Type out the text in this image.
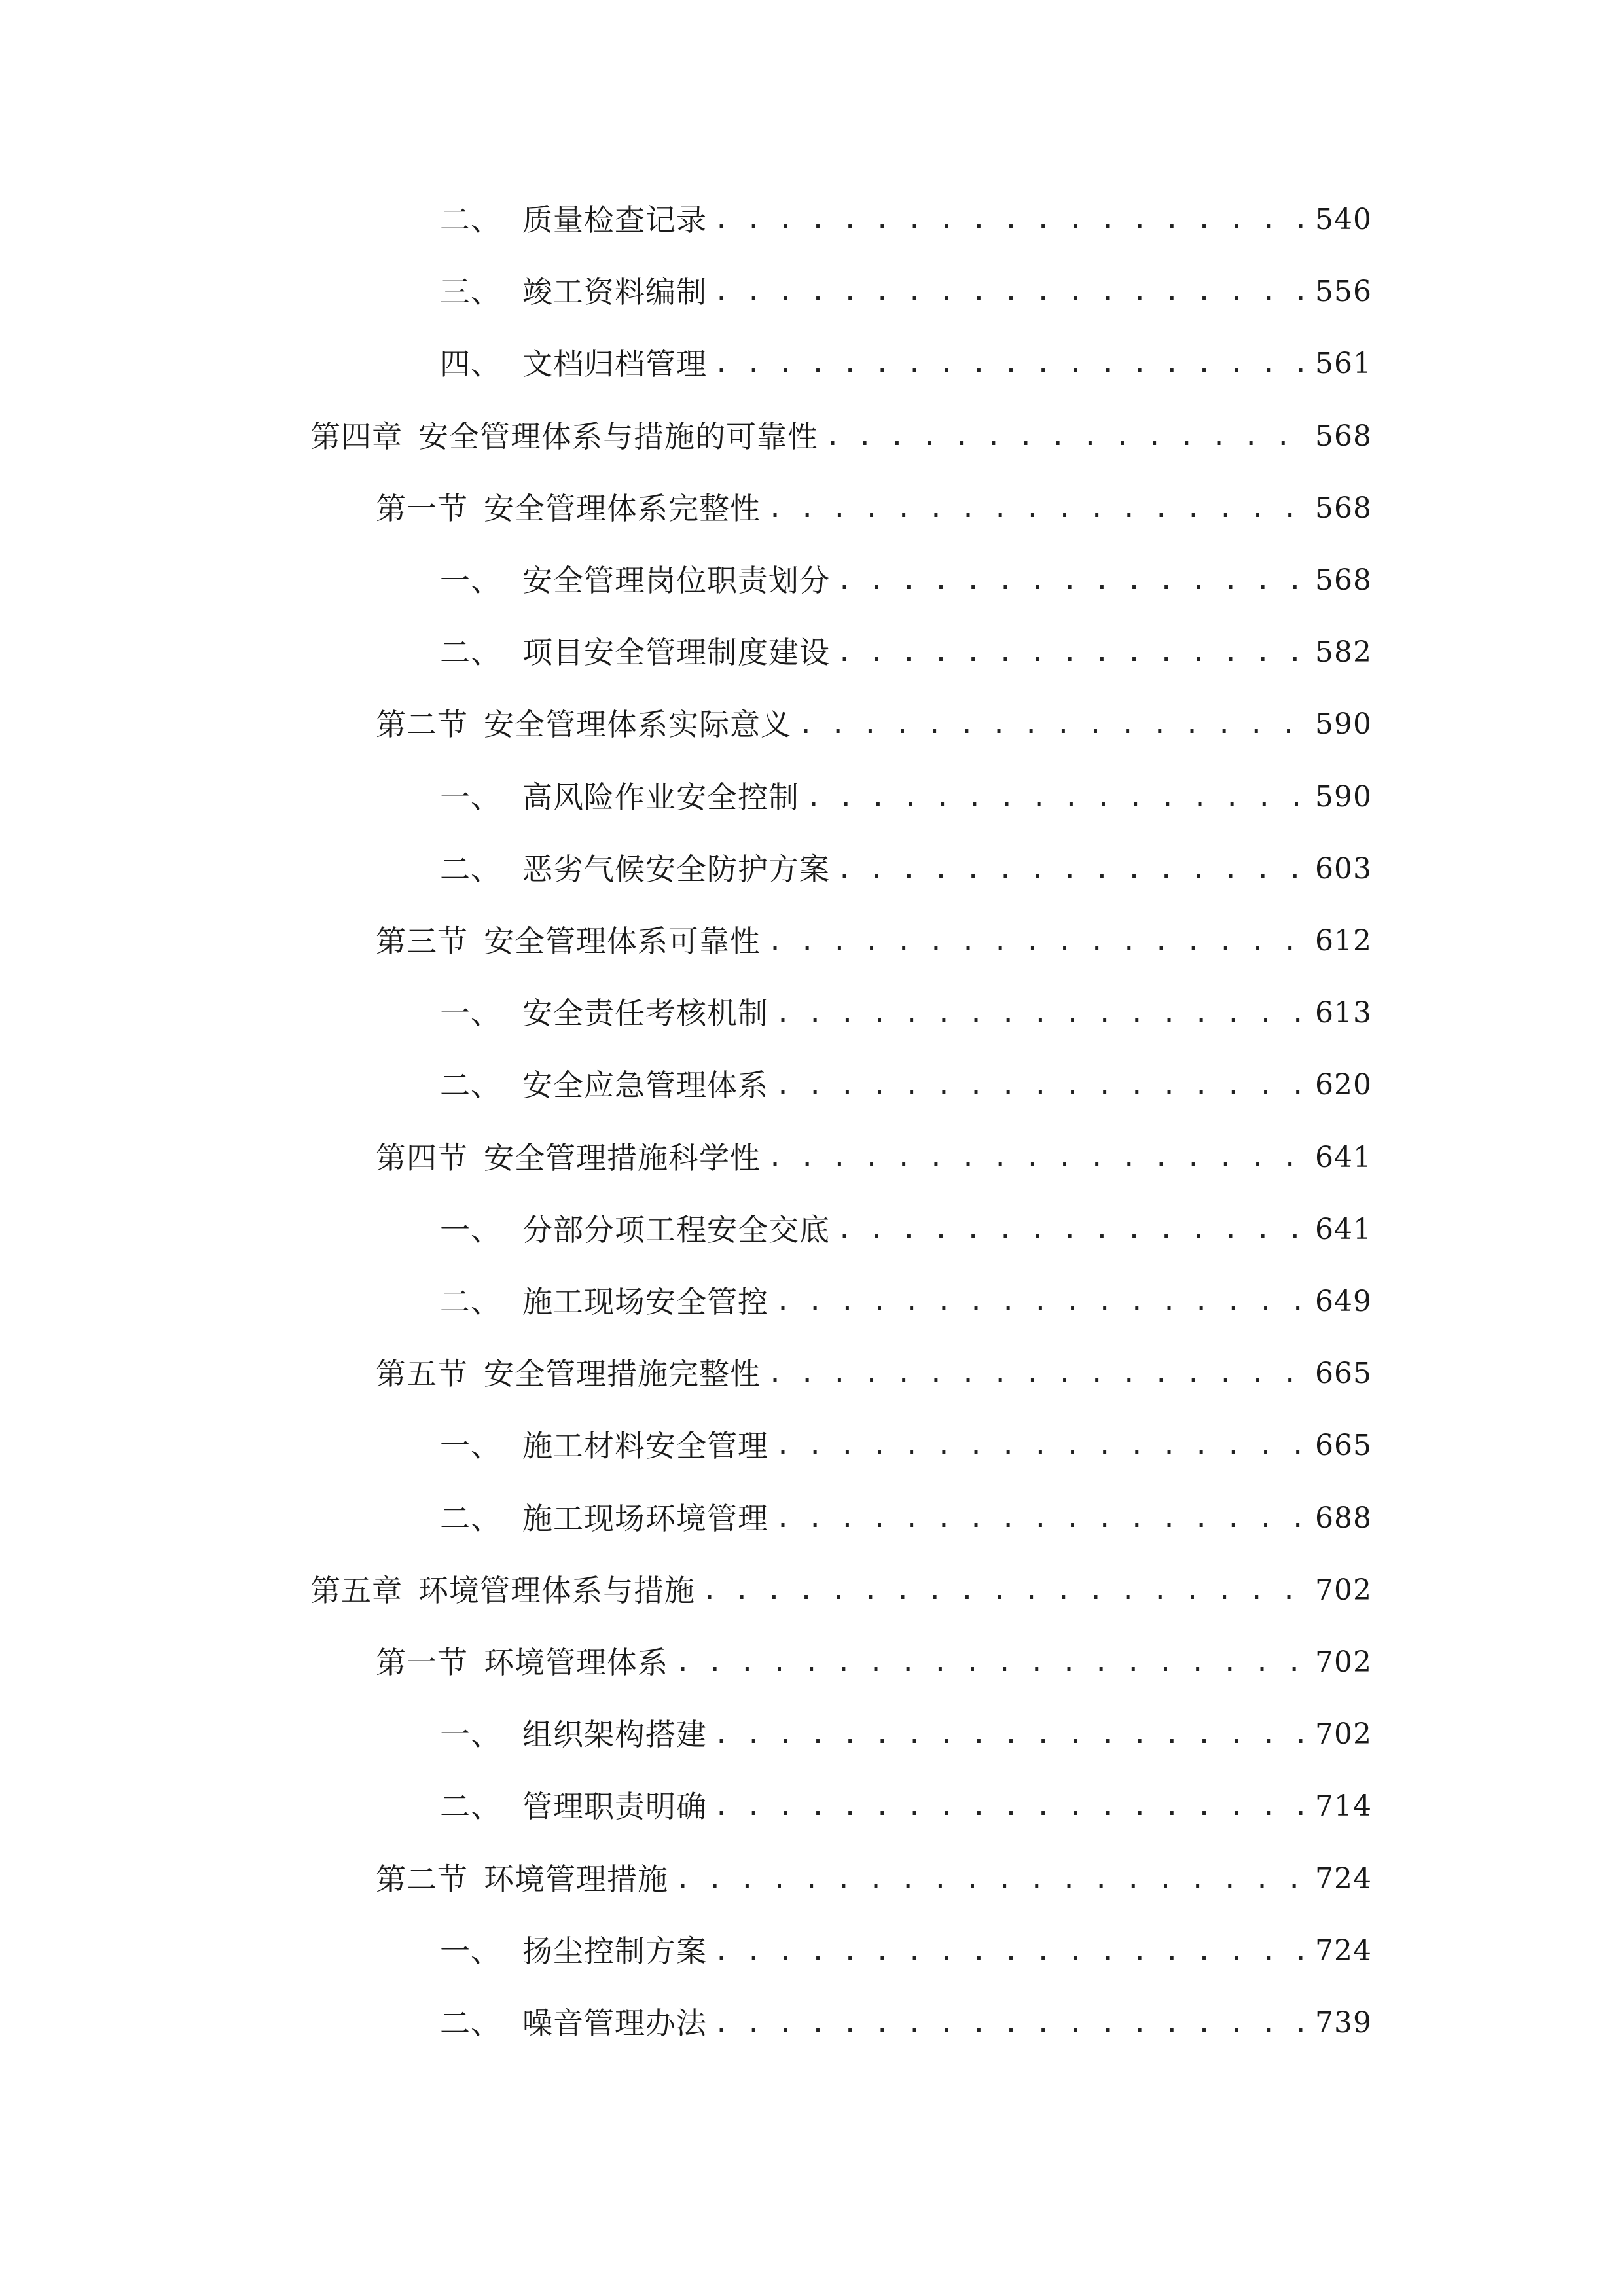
二、 质量检查记录 . . .	540
三、 竣工资料编制 . . .	556
四、 文档归档管理 . . .	561
第四章 安全管理体系与措施的可靠性 . . .	568
第一节 安全管理体系完整性 . . .	568
一、 安全管理岗位职责划分 . . .	568
二、 项目安全管理制度建设 . . .	582
第二节 安全管理体系实际意义 . . .	590
一、 高风险作业安全控制 . . .	590
二、 恶劣气候安全防护方案 . . .	603
第三节 安全管理体系可靠性 . . .	612
一、 安全责任考核机制 . . .	613
二、 安全应急管理体系 . . .	620
第四节 安全管理措施科学性 . . .	641
一、 分部分项工程安全交底 . . .	641
二、 施工现场安全管控 . . .	649
第五节 安全管理措施完整性 . . .	665
一、 施工材料安全管理 . . .	665
二、 施工现场环境管理 . . .	688
第五章 环境管理体系与措施 . . .	702
第一节 环境管理体系 . . .	702
一、 组织架构搭建 . . .	702
二、 管理职责明确 . . .	714
第二节 环境管理措施 . . .	724
一、 扬尘控制方案 . . .	724
二、 噪音管理办法 . . .	739
